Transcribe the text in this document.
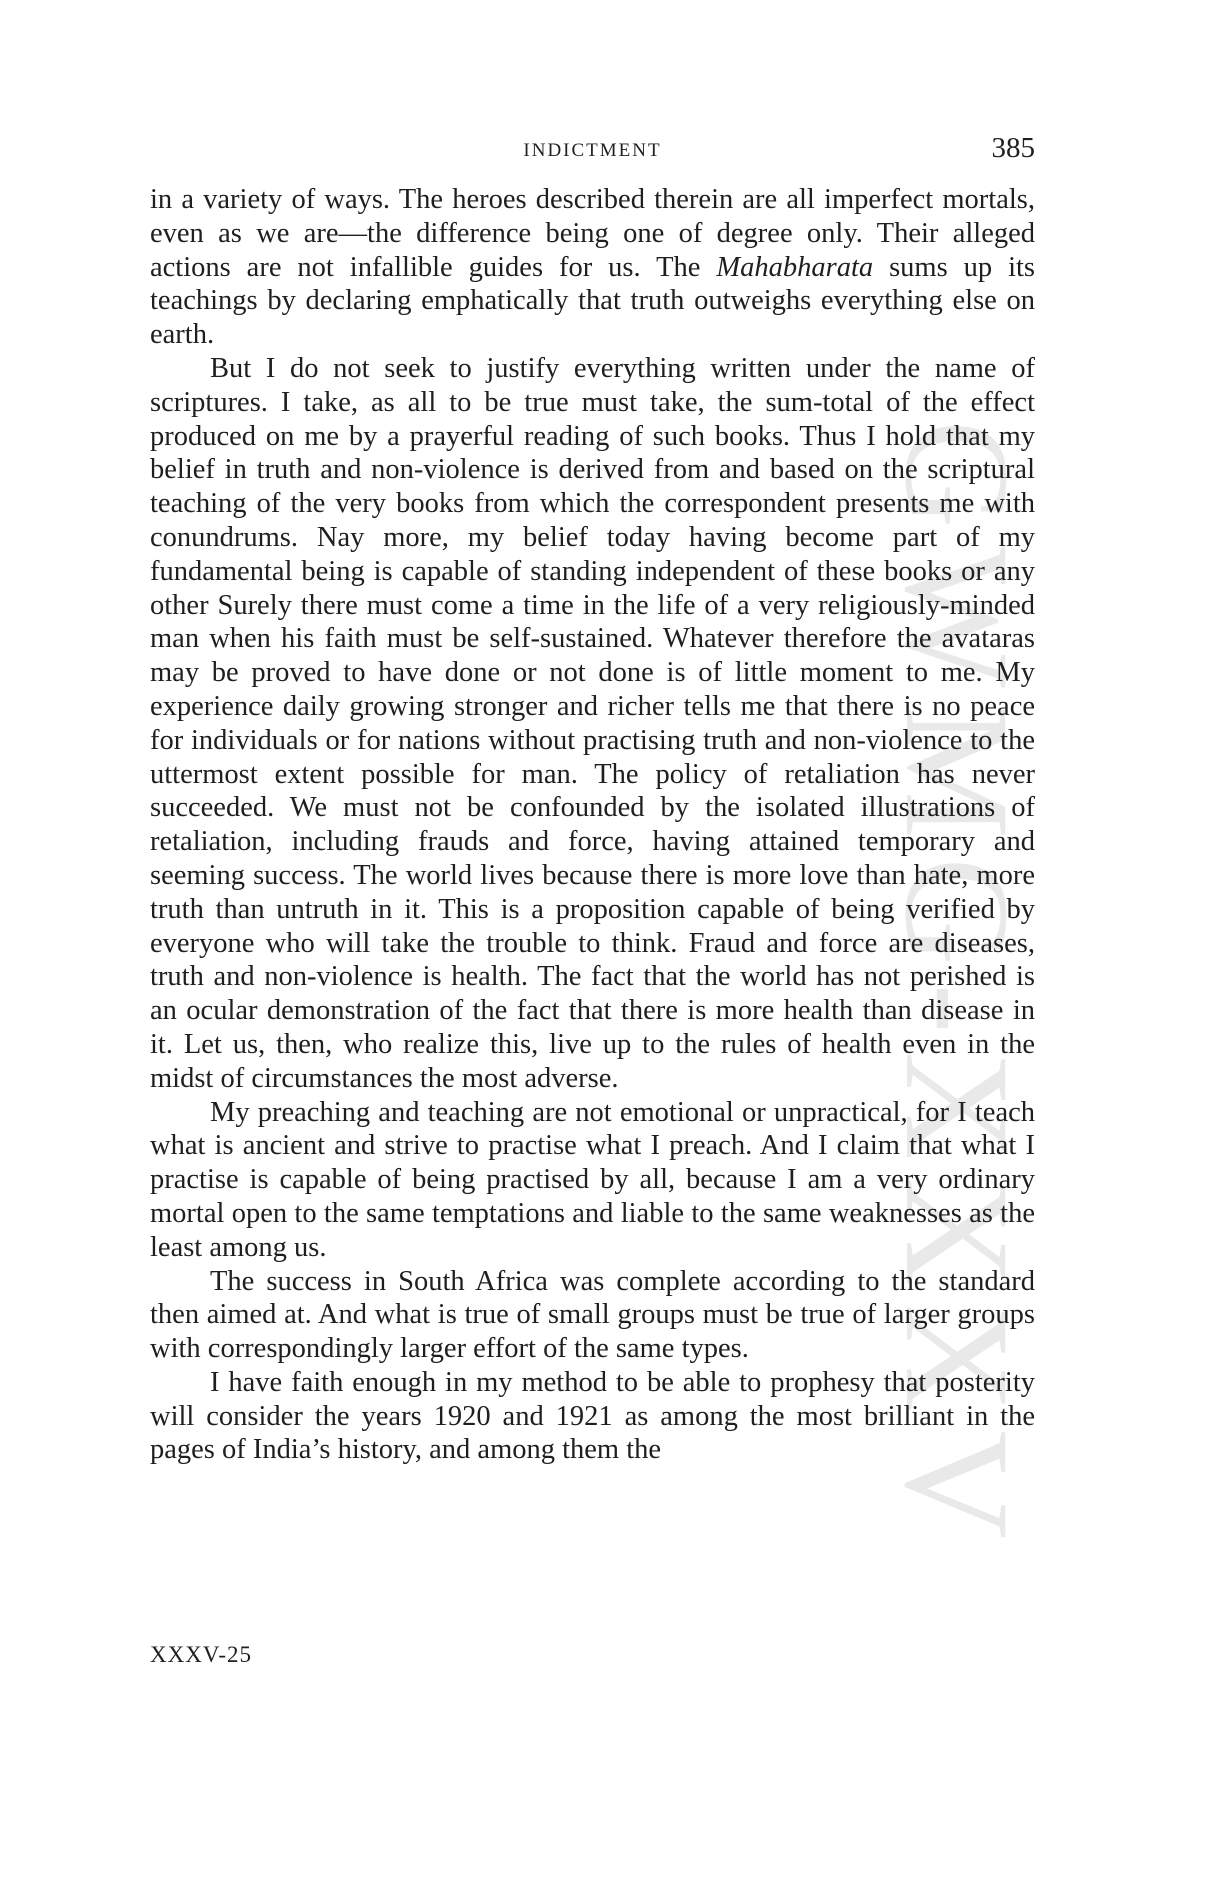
GWMG-XXXV
INDICTMENT	385

in a variety of ways. The heroes described therein are all imperfect mortals, even as we are—the difference being one of degree only. Their alleged actions are not infallible guides for us. The Mahabharata sums up its teachings by declaring emphatically that truth outweighs everything else on earth.

But I do not seek to justify everything written under the name of scriptures. I take, as all to be true must take, the sum-total of the effect produced on me by a prayerful reading of such books. Thus I hold that my belief in truth and non-violence is derived from and based on the scriptural teaching of the very books from which the correspondent presents me with conundrums. Nay more, my belief today having become part of my fundamental being is capable of standing independent of these books or any other Surely there must come a time in the life of a very religiously-minded man when his faith must be self-sustained. Whatever therefore the avataras may be proved to have done or not done is of little moment to me. My experience daily growing stronger and richer tells me that there is no peace for individuals or for nations without practising truth and non-violence to the uttermost extent possible for man. The policy of retaliation has never succeeded. We must not be confounded by the isolated illustrations of retaliation, including frauds and force, having attained temporary and seeming success. The world lives because there is more love than hate, more truth than untruth in it. This is a proposition capable of being verified by everyone who will take the trouble to think. Fraud and force are diseases, truth and non-violence is health. The fact that the world has not perished is an ocular demonstration of the fact that there is more health than disease in it. Let us, then, who realize this, live up to the rules of health even in the midst of circumstances the most adverse.

My preaching and teaching are not emotional or unpractical, for I teach what is ancient and strive to practise what I preach. And I claim that what I practise is capable of being practised by all, because I am a very ordinary mortal open to the same temptations and liable to the same weaknesses as the least among us.

The success in South Africa was complete according to the standard then aimed at. And what is true of small groups must be true of larger groups with correspondingly larger effort of the same types.

I have faith enough in my method to be able to prophesy that posterity will consider the years 1920 and 1921 as among the most brilliant in the pages of India’s history, and among them the

XXXV-25
